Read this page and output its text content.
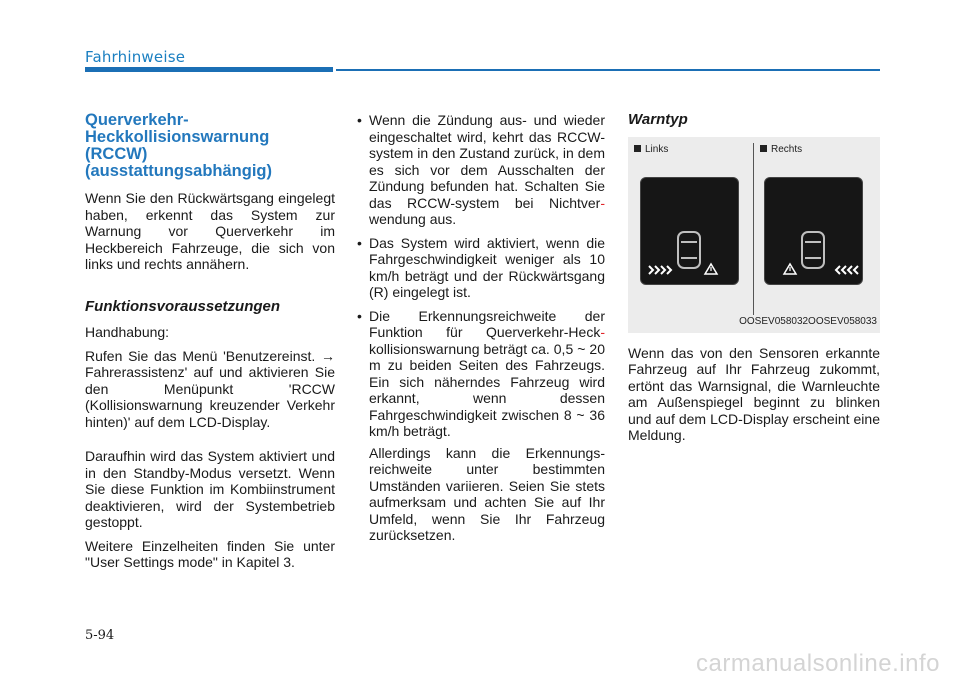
Fahrhinweise
Querverkehr-Heckkollisionswarnung (RCCW) (ausstattungsabhängig)

Wenn Sie den Rückwärtsgang eingelegt haben, erkennt das System zur Warnung vor Querverkehr im Heckbereich Fahrzeuge, die sich von links und rechts annähern.

Funktionsvoraussetzungen

Handhabung:

Rufen Sie das Menü 'Benutzereinst. → Fahrerassistenz' auf und aktivieren Sie den Menüpunkt 'RCCW (Kollisionswarnung kreuzender Verkehr hinten)' auf dem LCD-Display.

Daraufhin wird das System aktiviert und in den Standby-Modus versetzt. Wenn Sie diese Funktion im Kombiinstrument deaktivieren, wird der Systembetrieb gestoppt.

Weitere Einzelheiten finden Sie unter "User Settings mode" in Kapitel 3.

• Wenn die Zündung aus- und wieder eingeschaltet wird, kehrt das RCCW-system in den Zustand zurück, in dem es sich vor dem Ausschalten der Zündung befunden hat. Schalten Sie das RCCW-system bei Nichtver- wendung aus.
• Das System wird aktiviert, wenn die Fahrgeschwindigkeit weniger als 10 km/h beträgt und der Rückwärtsgang (R) eingelegt ist.
• Die Erkennungsreichweite der Funktion für Querverkehr-Heck- kollisionswarnung beträgt ca. 0,5 ~ 20 m zu beiden Seiten des Fahrzeugs. Ein sich näherndes Fahrzeug wird erkannt, wenn dessen Fahrgeschwindigkeit zwischen 8 ~ 36 km/h beträgt.

Allerdings kann die Erkennungs-reichweite unter bestimmten Umständen variieren. Seien Sie stets aufmerksam und achten Sie auf Ihr Umfeld, wenn Sie Ihr Fahrzeug zurücksetzen.

Warntyp
Links	Rechts
OOSEV058032OOSEV058033

Wenn das von den Sensoren erkannte Fahrzeug auf Ihr Fahrzeug zukommt, ertönt das Warnsignal, die Warnleuchte am Außenspiegel beginnt zu blinken und auf dem LCD-Display erscheint eine Meldung.

5-94
carmanualsonline.info
